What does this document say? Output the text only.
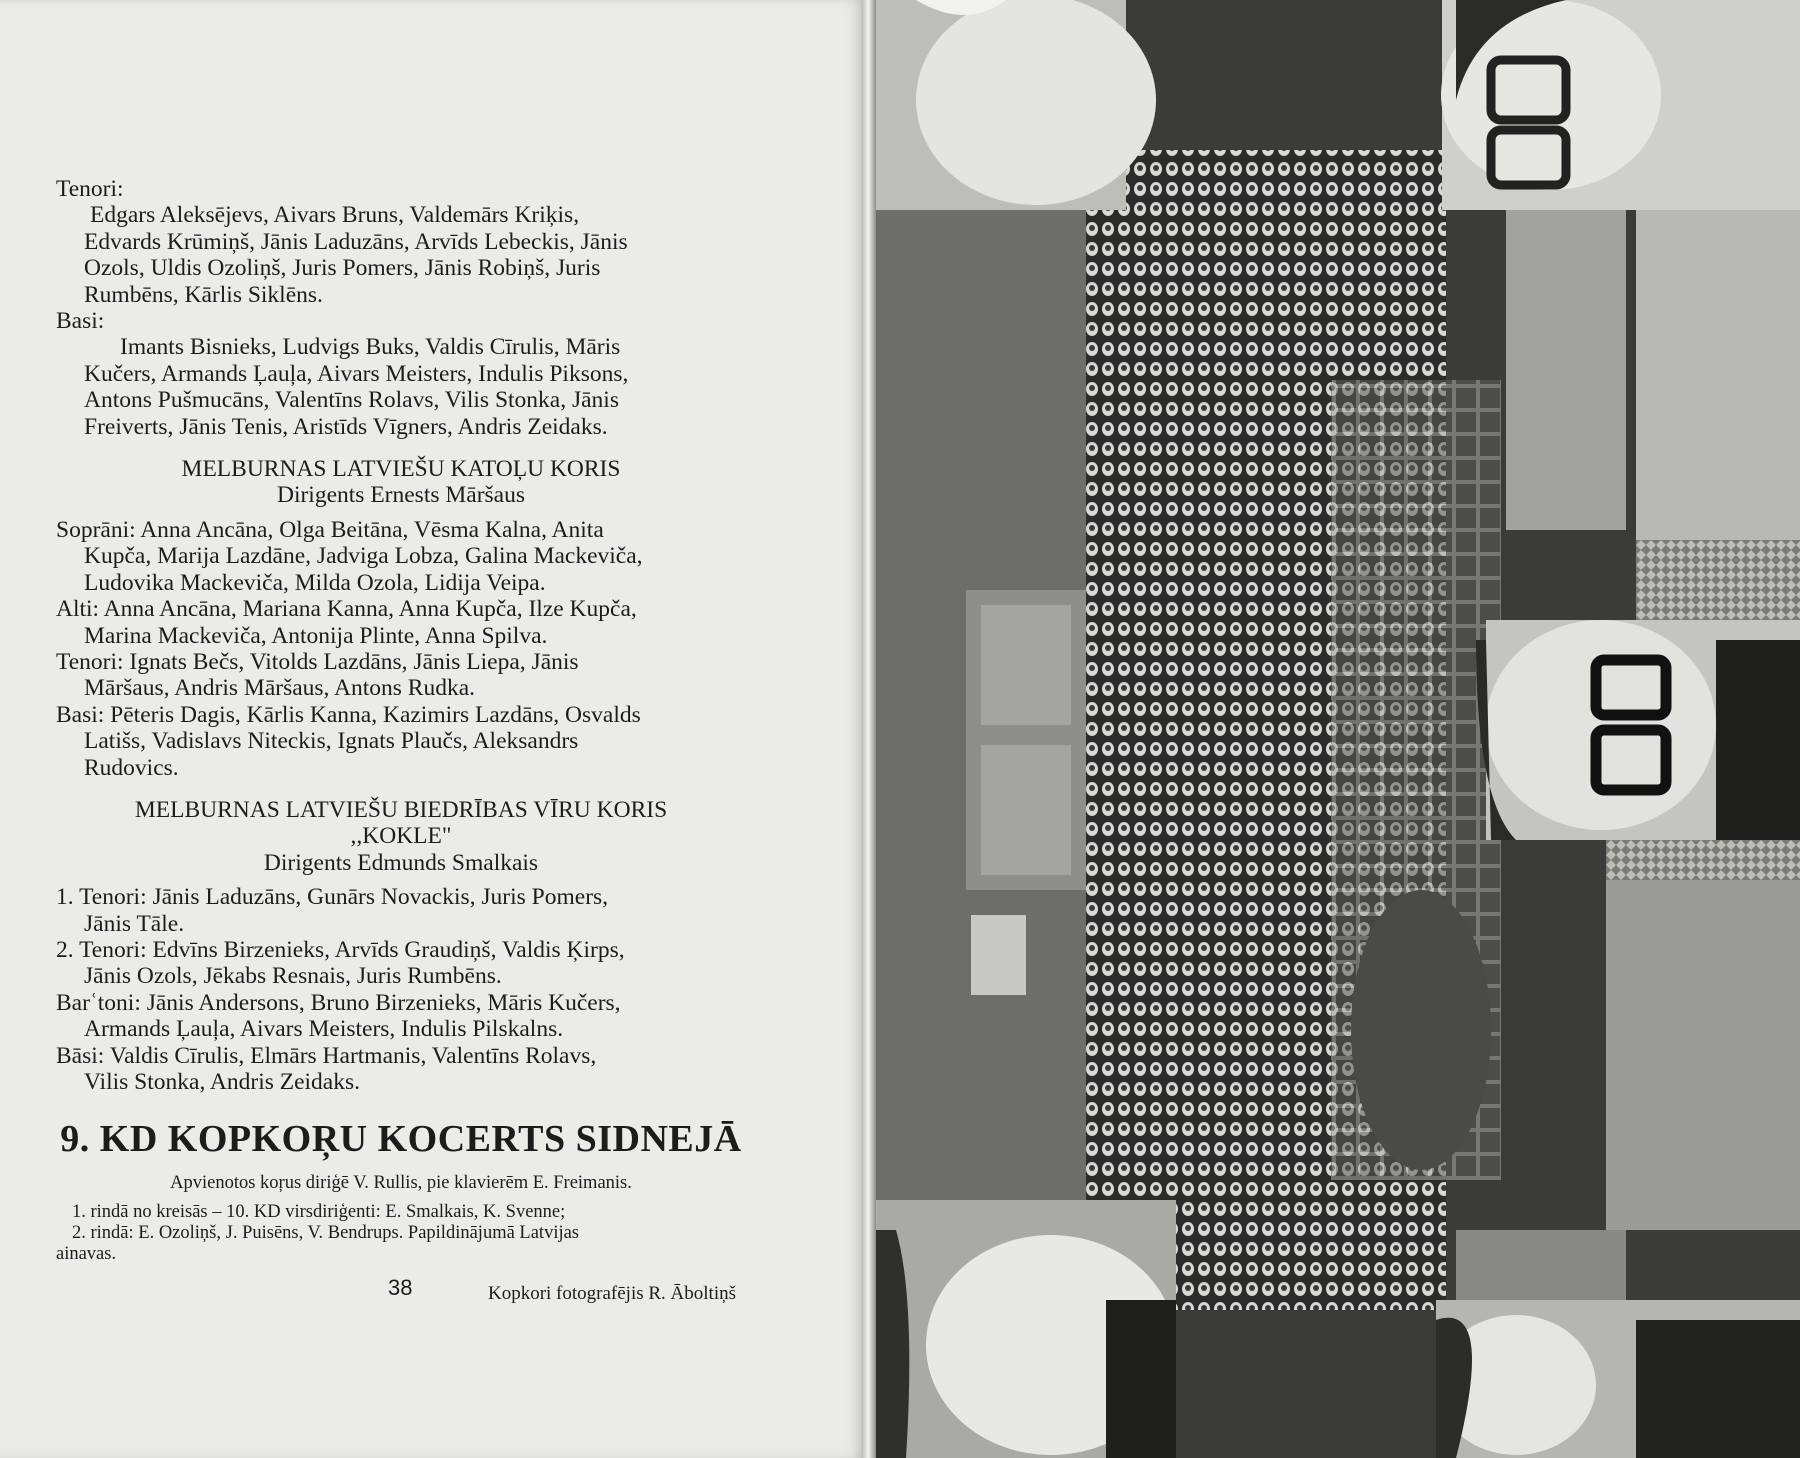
Tenori:
Edgars Aleksējevs, Aivars Bruns, Valdemārs Kriķis,
Edvards Krūmiņš, Jānis Laduzāns, Arvīds Lebeckis, Jānis
Ozols, Uldis Ozoliņš, Juris Pomers, Jānis Robiņš, Juris
Rumbēns, Kārlis Siklēns.
Basi:
Imants Bisnieks, Ludvigs Buks, Valdis Cīrulis, Māris
Kučers, Armands Ļauļa, Aivars Meisters, Indulis Piksons,
Antons Pušmucāns, Valentīns Rolavs, Vilis Stonka, Jānis
Freiverts, Jānis Tenis, Aristīds Vīgners, Andris Zeidaks.
MELBURNAS LATVIEŠU KATOĻU KORIS
Dirigents Ernests Māršaus
Soprāni: Anna Ancāna, Olga Beitāna, Vēsma Kalna, Anita
Kupča, Marija Lazdāne, Jadviga Lobza, Galina Mackeviča,
Ludovika Mackeviča, Milda Ozola, Lidija Veipa.
Alti: Anna Ancāna, Mariana Kanna, Anna Kupča, Ilze Kupča,
Marina Mackeviča, Antonija Plinte, Anna Spilva.
Tenori: Ignats Bečs, Vitolds Lazdāns, Jānis Liepa, Jānis
Māršaus, Andris Māršaus, Antons Rudka.
Basi: Pēteris Dagis, Kārlis Kanna, Kazimirs Lazdāns, Osvalds
Latišs, Vadislavs Niteckis, Ignats Plaučs, Aleksandrs
Rudovics.
MELBURNAS LATVIEŠU BIEDRĪBAS VĪRU KORIS
,,KOKLE"
Dirigents Edmunds Smalkais
1. Tenori: Jānis Laduzāns, Gunārs Novackis, Juris Pomers,
Jānis Tāle.
2. Tenori: Edvīns Birzenieks, Arvīds Graudiņš, Valdis Ķirps,
Jānis Ozols, Jēkabs Resnais, Juris Rumbēns.
Barʿtoni: Jānis Andersons, Bruno Birzenieks, Māris Kučers,
Armands Ļauļa, Aivars Meisters, Indulis Pilskalns.
Bāsi: Valdis Cīrulis, Elmārs Hartmanis, Valentīns Rolavs,
Vilis Stonka, Andris Zeidaks.
9. KD KOPKOŖU KOCERTS SIDNEJĀ
Apvienotos koŗus diriģē V. Rullis, pie klavierēm E. Freimanis.
1. rindā no kreisās – 10. KD virsdiriģenti: E. Smalkais, K. Svenne;
2. rindā: E. Ozoliņš, J. Puisēns, V. Bendrups. Papildinājumā Latvijas
ainavas.
Kopkori fotografējis R. Āboltiņš
38
